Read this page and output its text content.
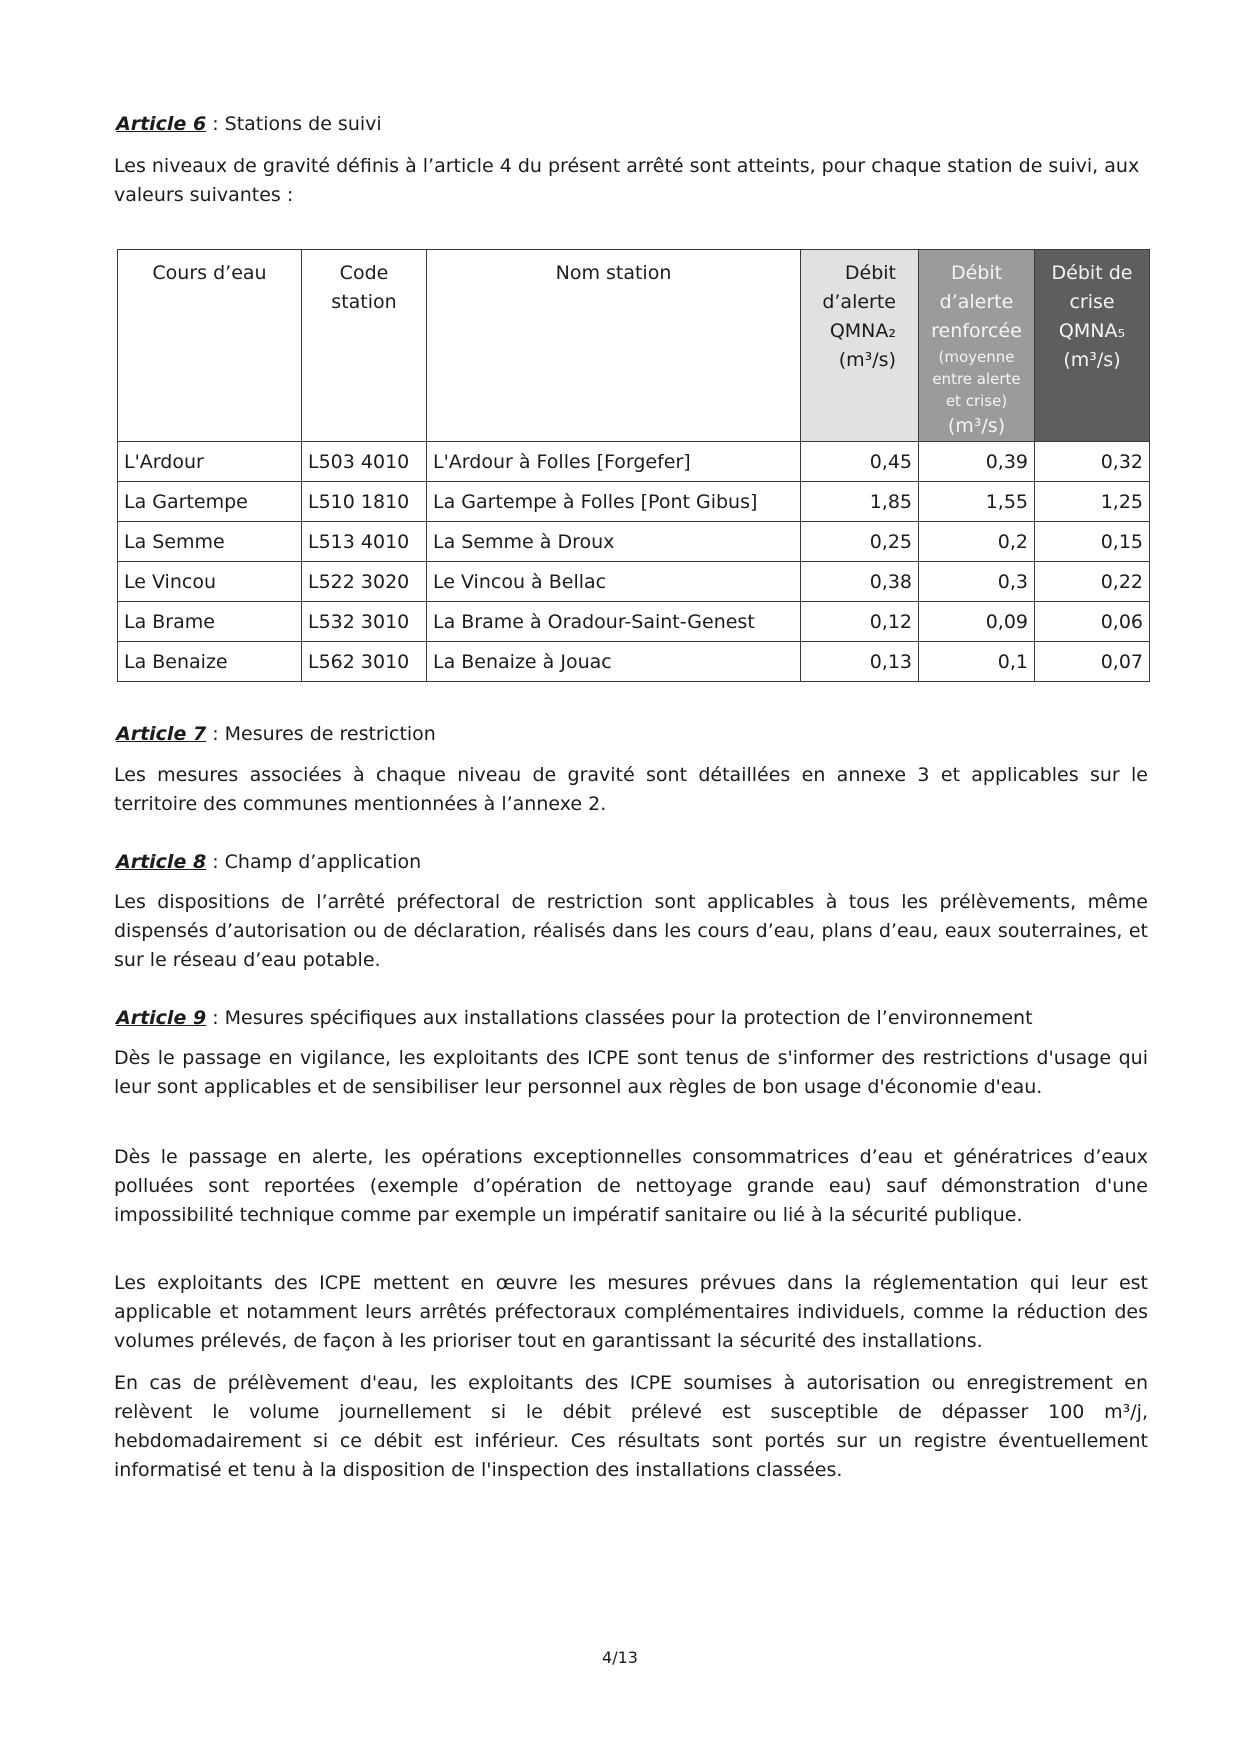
Article 6 : Stations de suivi

Les niveaux de gravité définis à l’article 4 du présent arrêté sont atteints, pour chaque station de suivi, aux valeurs suivantes :

Cours d’eau	Code station	Nom station	Débit d’alerte QMNA₂ (m³/s)	Débit d’alerte renforcée
(moyenne entre alerte et crise)
(m³/s)	Débit de crise QMNA₅ (m³/s)
L'Ardour	L503 4010	L'Ardour à Folles [Forgefer]	0,45	0,39	0,32
La Gartempe	L510 1810	La Gartempe à Folles [Pont Gibus]	1,85	1,55	1,25
La Semme	L513 4010	La Semme à Droux	0,25	0,2	0,15
Le Vincou	L522 3020	Le Vincou à Bellac	0,38	0,3	0,22
La Brame	L532 3010	La Brame à Oradour-Saint-Genest	0,12	0,09	0,06
La Benaize	L562 3010	La Benaize à Jouac	0,13	0,1	0,07

Article 7 : Mesures de restriction

Les mesures associées à chaque niveau de gravité sont détaillées en annexe 3 et applicables sur le territoire des communes mentionnées à l’annexe 2.

Article 8 : Champ d’application

Les dispositions de l’arrêté préfectoral de restriction sont applicables à tous les prélèvements, même dispensés d’autorisation ou de déclaration, réalisés dans les cours d’eau, plans d’eau, eaux souterraines, et sur le réseau d’eau potable.

Article 9 : Mesures spécifiques aux installations classées pour la protection de l’environnement

Dès le passage en vigilance, les exploitants des ICPE sont tenus de s'informer des restrictions d'usage qui leur sont applicables et de sensibiliser leur personnel aux règles de bon usage d'économie d'eau.

Dès le passage en alerte, les opérations exceptionnelles consommatrices d’eau et génératrices d’eaux polluées sont reportées (exemple d’opération de nettoyage grande eau) sauf démonstration d'une impossibilité technique comme par exemple un impératif sanitaire ou lié à la sécurité publique.

Les exploitants des ICPE mettent en œuvre les mesures prévues dans la réglementation qui leur est applicable et notamment leurs arrêtés préfectoraux complémentaires individuels, comme la réduction des volumes prélevés, de façon à les prioriser tout en garantissant la sécurité des installations.

En cas de prélèvement d'eau, les exploitants des ICPE soumises à autorisation ou enregistrement en relèvent le volume journellement si le débit prélevé est susceptible de dépasser 100 m³/j, hebdomadairement si ce débit est inférieur. Ces résultats sont portés sur un registre éventuellement informatisé et tenu à la disposition de l'inspection des installations classées.

4/13
